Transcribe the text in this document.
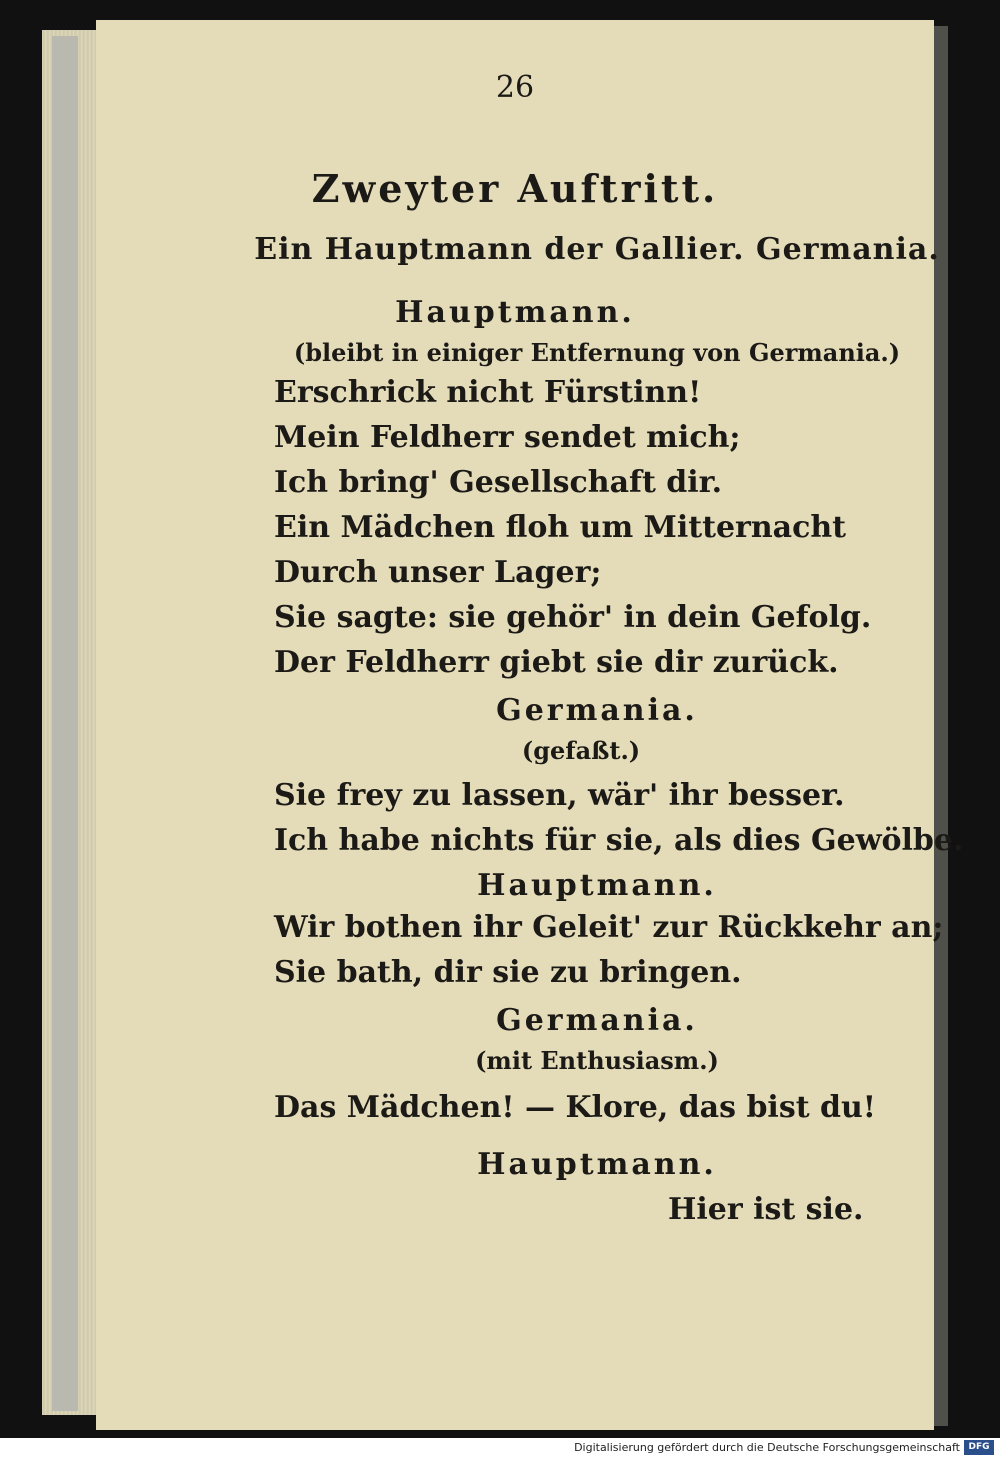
26
Zweyter Auftritt.
Ein Hauptmann der Gallier. Germania.
Hauptmann.
(bleibt in einiger Entfernung von Germania.)
Erschrick nicht Fürstinn!
Mein Feldherr sendet mich;
Ich bring' Gesellschaft dir.
Ein Mädchen floh um Mitternacht
Durch unser Lager;
Sie sagte: sie gehör' in dein Gefolg.
Der Feldherr giebt sie dir zurück.
Germania.
(gefaßt.)
Sie frey zu lassen, wär' ihr besser.
Ich habe nichts für sie, als dies Gewölbe.
Hauptmann.
Wir bothen ihr Geleit' zur Rückkehr an;
Sie bath, dir sie zu bringen.
Germania.
(mit Enthusiasm.)
Das Mädchen! — Klore, das bist du!
Hauptmann.
Hier ist sie.
Digitalisierung gefördert durch die Deutsche Forschungsgemeinschaft DFG
